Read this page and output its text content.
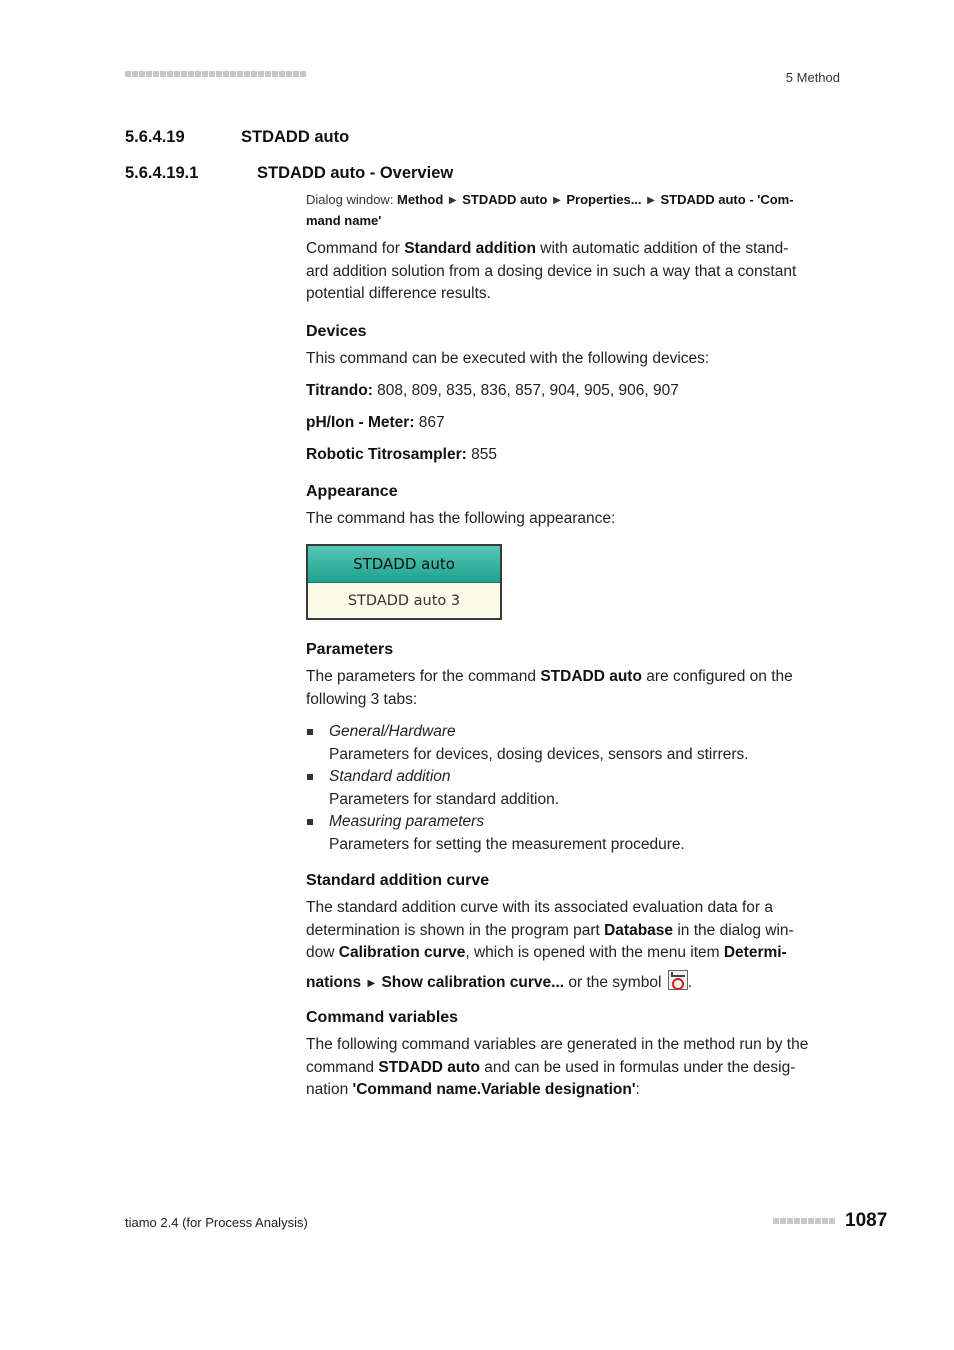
5 Method
5.6.4.19	STDADD auto
5.6.4.19.1	STDADD auto - Overview
Dialog window: Method ▶ STDADD auto ▶ Properties... ▶ STDADD auto - 'Com-
mand name'

Command for Standard addition with automatic addition of the stand-

ard addition solution from a dosing device in such a way that a constant

potential difference results.

Devices
This command can be executed with the following devices:
Titrando: 808, 809, 835, 836, 857, 904, 905, 906, 907
pH/Ion - Meter: 867
Robotic Titrosampler: 855
Appearance
The command has the following appearance:
STDADD auto
STDADD auto 3
Parameters

The parameters for the command STDADD auto are configured on the

following 3 tabs:

General/Hardware
Parameters for devices, dosing devices, sensors and stirrers.
Standard addition
Parameters for standard addition.
Measuring parameters
Parameters for setting the measurement procedure.
Standard addition curve

The standard addition curve with its associated evaluation data for a

determination is shown in the program part Database in the dialog win-

dow Calibration curve, which is opened with the menu item Determi-

nations ▶ Show calibration curve... or the symbol .

Command variables

The following command variables are generated in the method run by the

command STDADD auto and can be used in formulas under the desig-

nation 'Command name.Variable designation':

tiamo 2.4 (for Process Analysis)	1087
